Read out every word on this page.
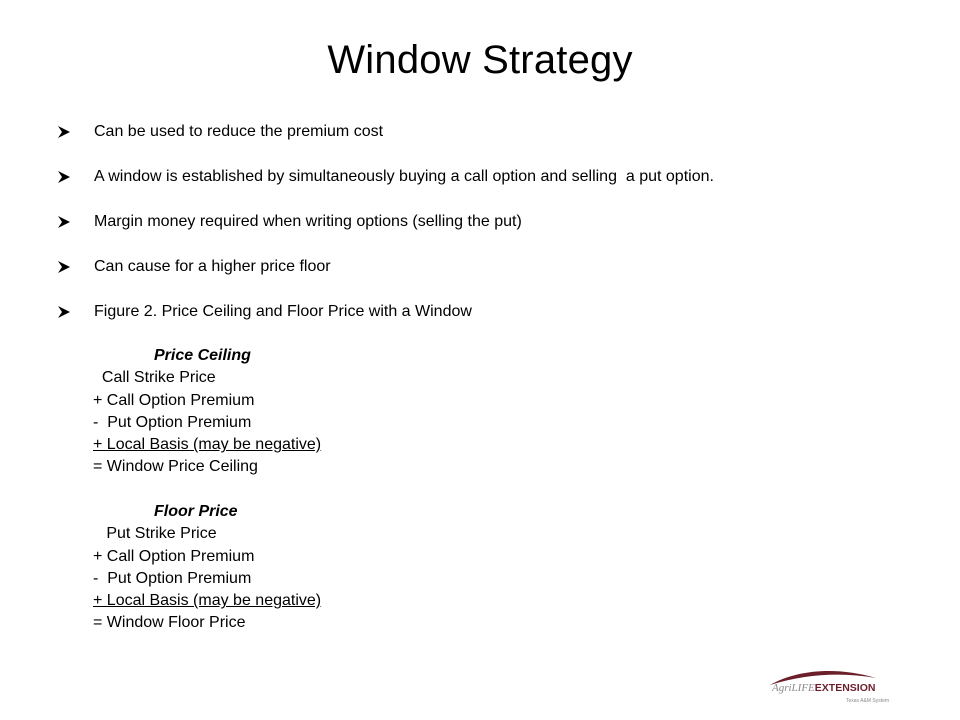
Window Strategy
Can be used to reduce the premium cost
A window is established by simultaneously buying a call option and selling  a put option.
Margin money required when writing options (selling the put)
Can cause for a higher price floor
Figure 2. Price Ceiling and Floor Price with a Window
Price Ceiling
Call Strike Price
+ Call Option Premium
-  Put Option Premium
+ Local Basis (may be negative)
= Window Price Ceiling
Floor Price
Put Strike Price
+ Call Option Premium
-  Put Option Premium
+ Local Basis (may be negative)
= Window Floor Price
AgriLIFEEXTENSION
Texas A&M System
